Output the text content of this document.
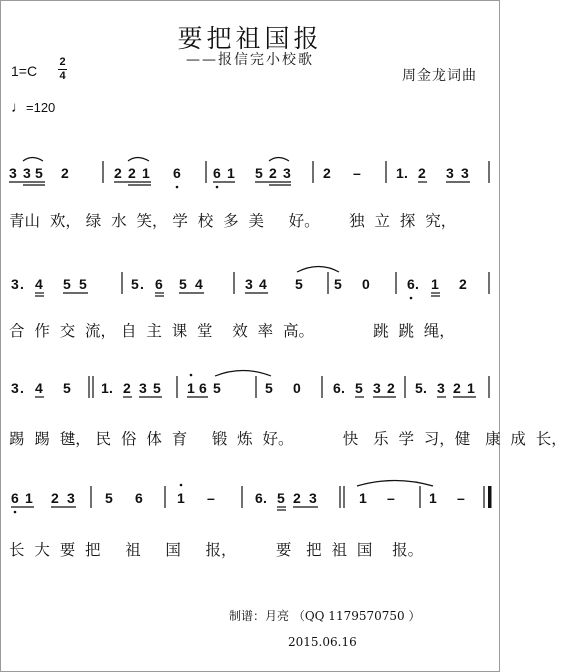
要把祖国报
——报信完小校歌
1=C
2
4	周金龙词曲
♩=120
3 3 5 2	2 2 1 6 6 1 5 2 3 2 –	1 . 2 3 3
青山  欢， 绿  水  笑， 学  校  多  美     好。      独  立  探  究，
3 . 4 5 5	5 . 6 5 4	3 4 5 5 0	6 . 1 2
合  作  交  流， 自  主  课  堂    效  率  高。            跳  跳  绳，
3 . 4 5 1 . 2 3 5 1 6 5	5 0 6 . 5 3 2 5 . 3 2 1
踢  踢  毽， 民  俗  体  育     锻  炼  好。          快   乐  学  习，健   康  成  长，
6 1 2 3 5 6 1 –	6 . 5 2 3	1 – 1 –
长  大  要  把     祖     国     报，        要   把  祖  国    报。
制谱：月亮 （QQ 1179570750 ）
2015.06.16
